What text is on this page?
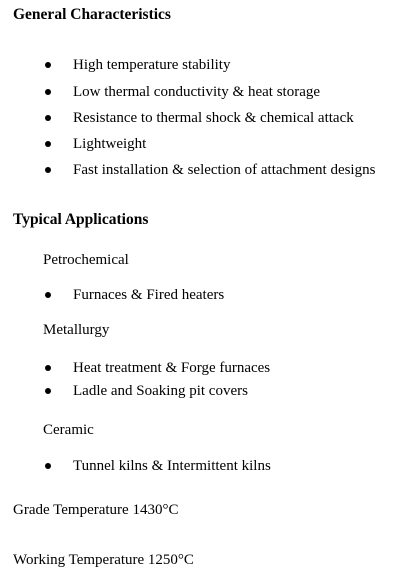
General Characteristics
High temperature stability
Low thermal conductivity & heat storage
Resistance to thermal shock & chemical attack
Lightweight
Fast installation & selection of attachment designs
Typical Applications
Petrochemical
Furnaces & Fired heaters
Metallurgy
Heat treatment & Forge furnaces
Ladle and Soaking pit covers
Ceramic
Tunnel kilns & Intermittent kilns
Grade Temperature 1430°C
Working Temperature 1250°C
